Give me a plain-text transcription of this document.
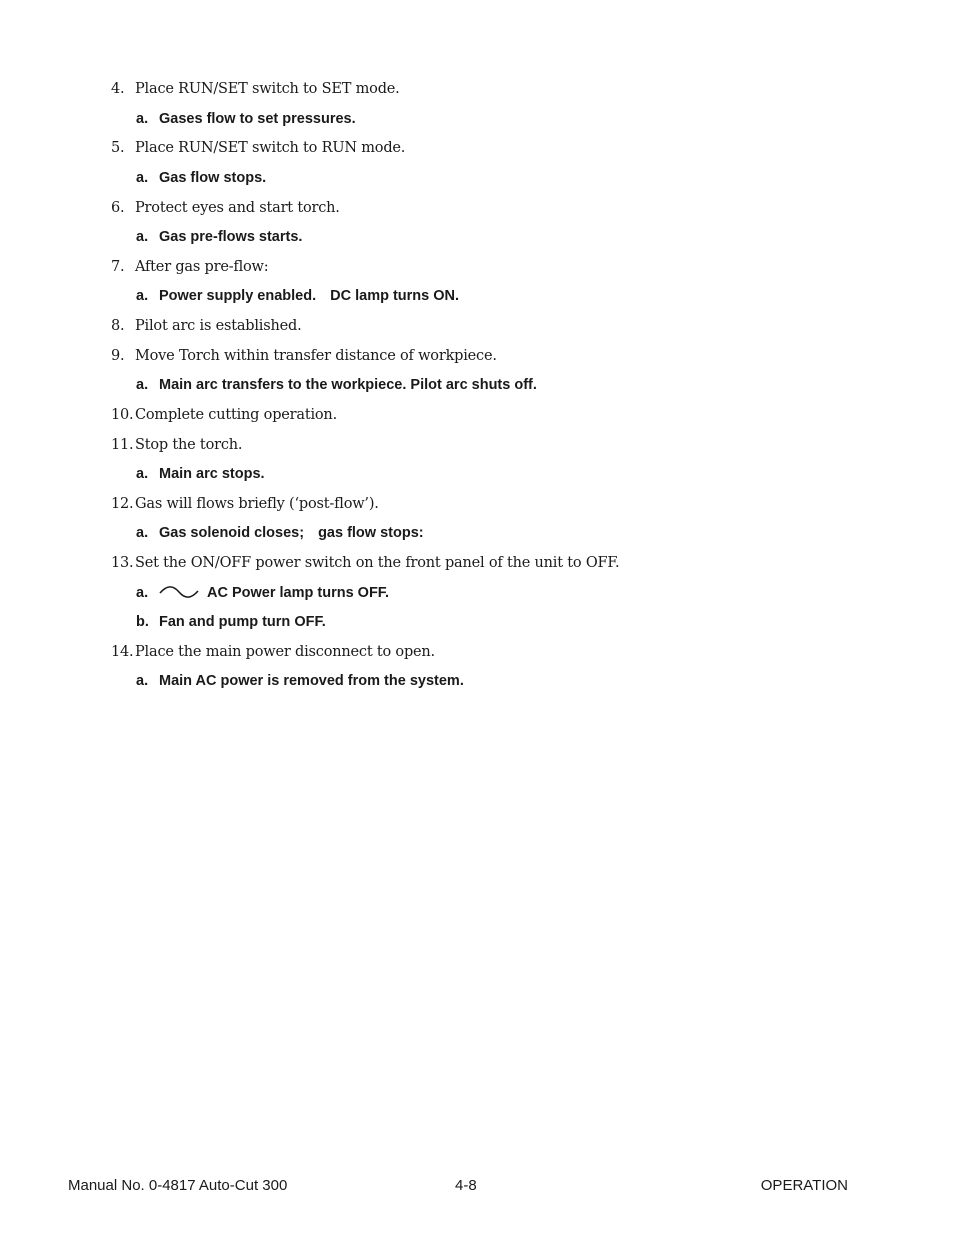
4. Place RUN/SET switch to SET mode.
a. Gases flow to set pressures.
5. Place RUN/SET switch to RUN mode.
a. Gas flow stops.
6. Protect eyes and start torch.
a. Gas pre-flows starts.
7. After gas pre-flow:
a. Power supply enabled. DC lamp turns ON.
8. Pilot arc is established.
9. Move Torch within transfer distance of workpiece.
a. Main arc transfers to the workpiece. Pilot arc shuts off.
10. Complete cutting operation.
11. Stop the torch.
a. Main arc stops.
12. Gas will flows briefly (‘post-flow’).
a. Gas solenoid closes; gas flow stops:
13. Set the ON/OFF power switch on the front panel of the unit to OFF.
a.	AC Power lamp turns OFF.
b. Fan and pump turn OFF.
14. Place the main power disconnect to open.
a. Main AC power is removed from the system.
Manual No. 0-4817 Auto-Cut 300	4-8	OPERATION
